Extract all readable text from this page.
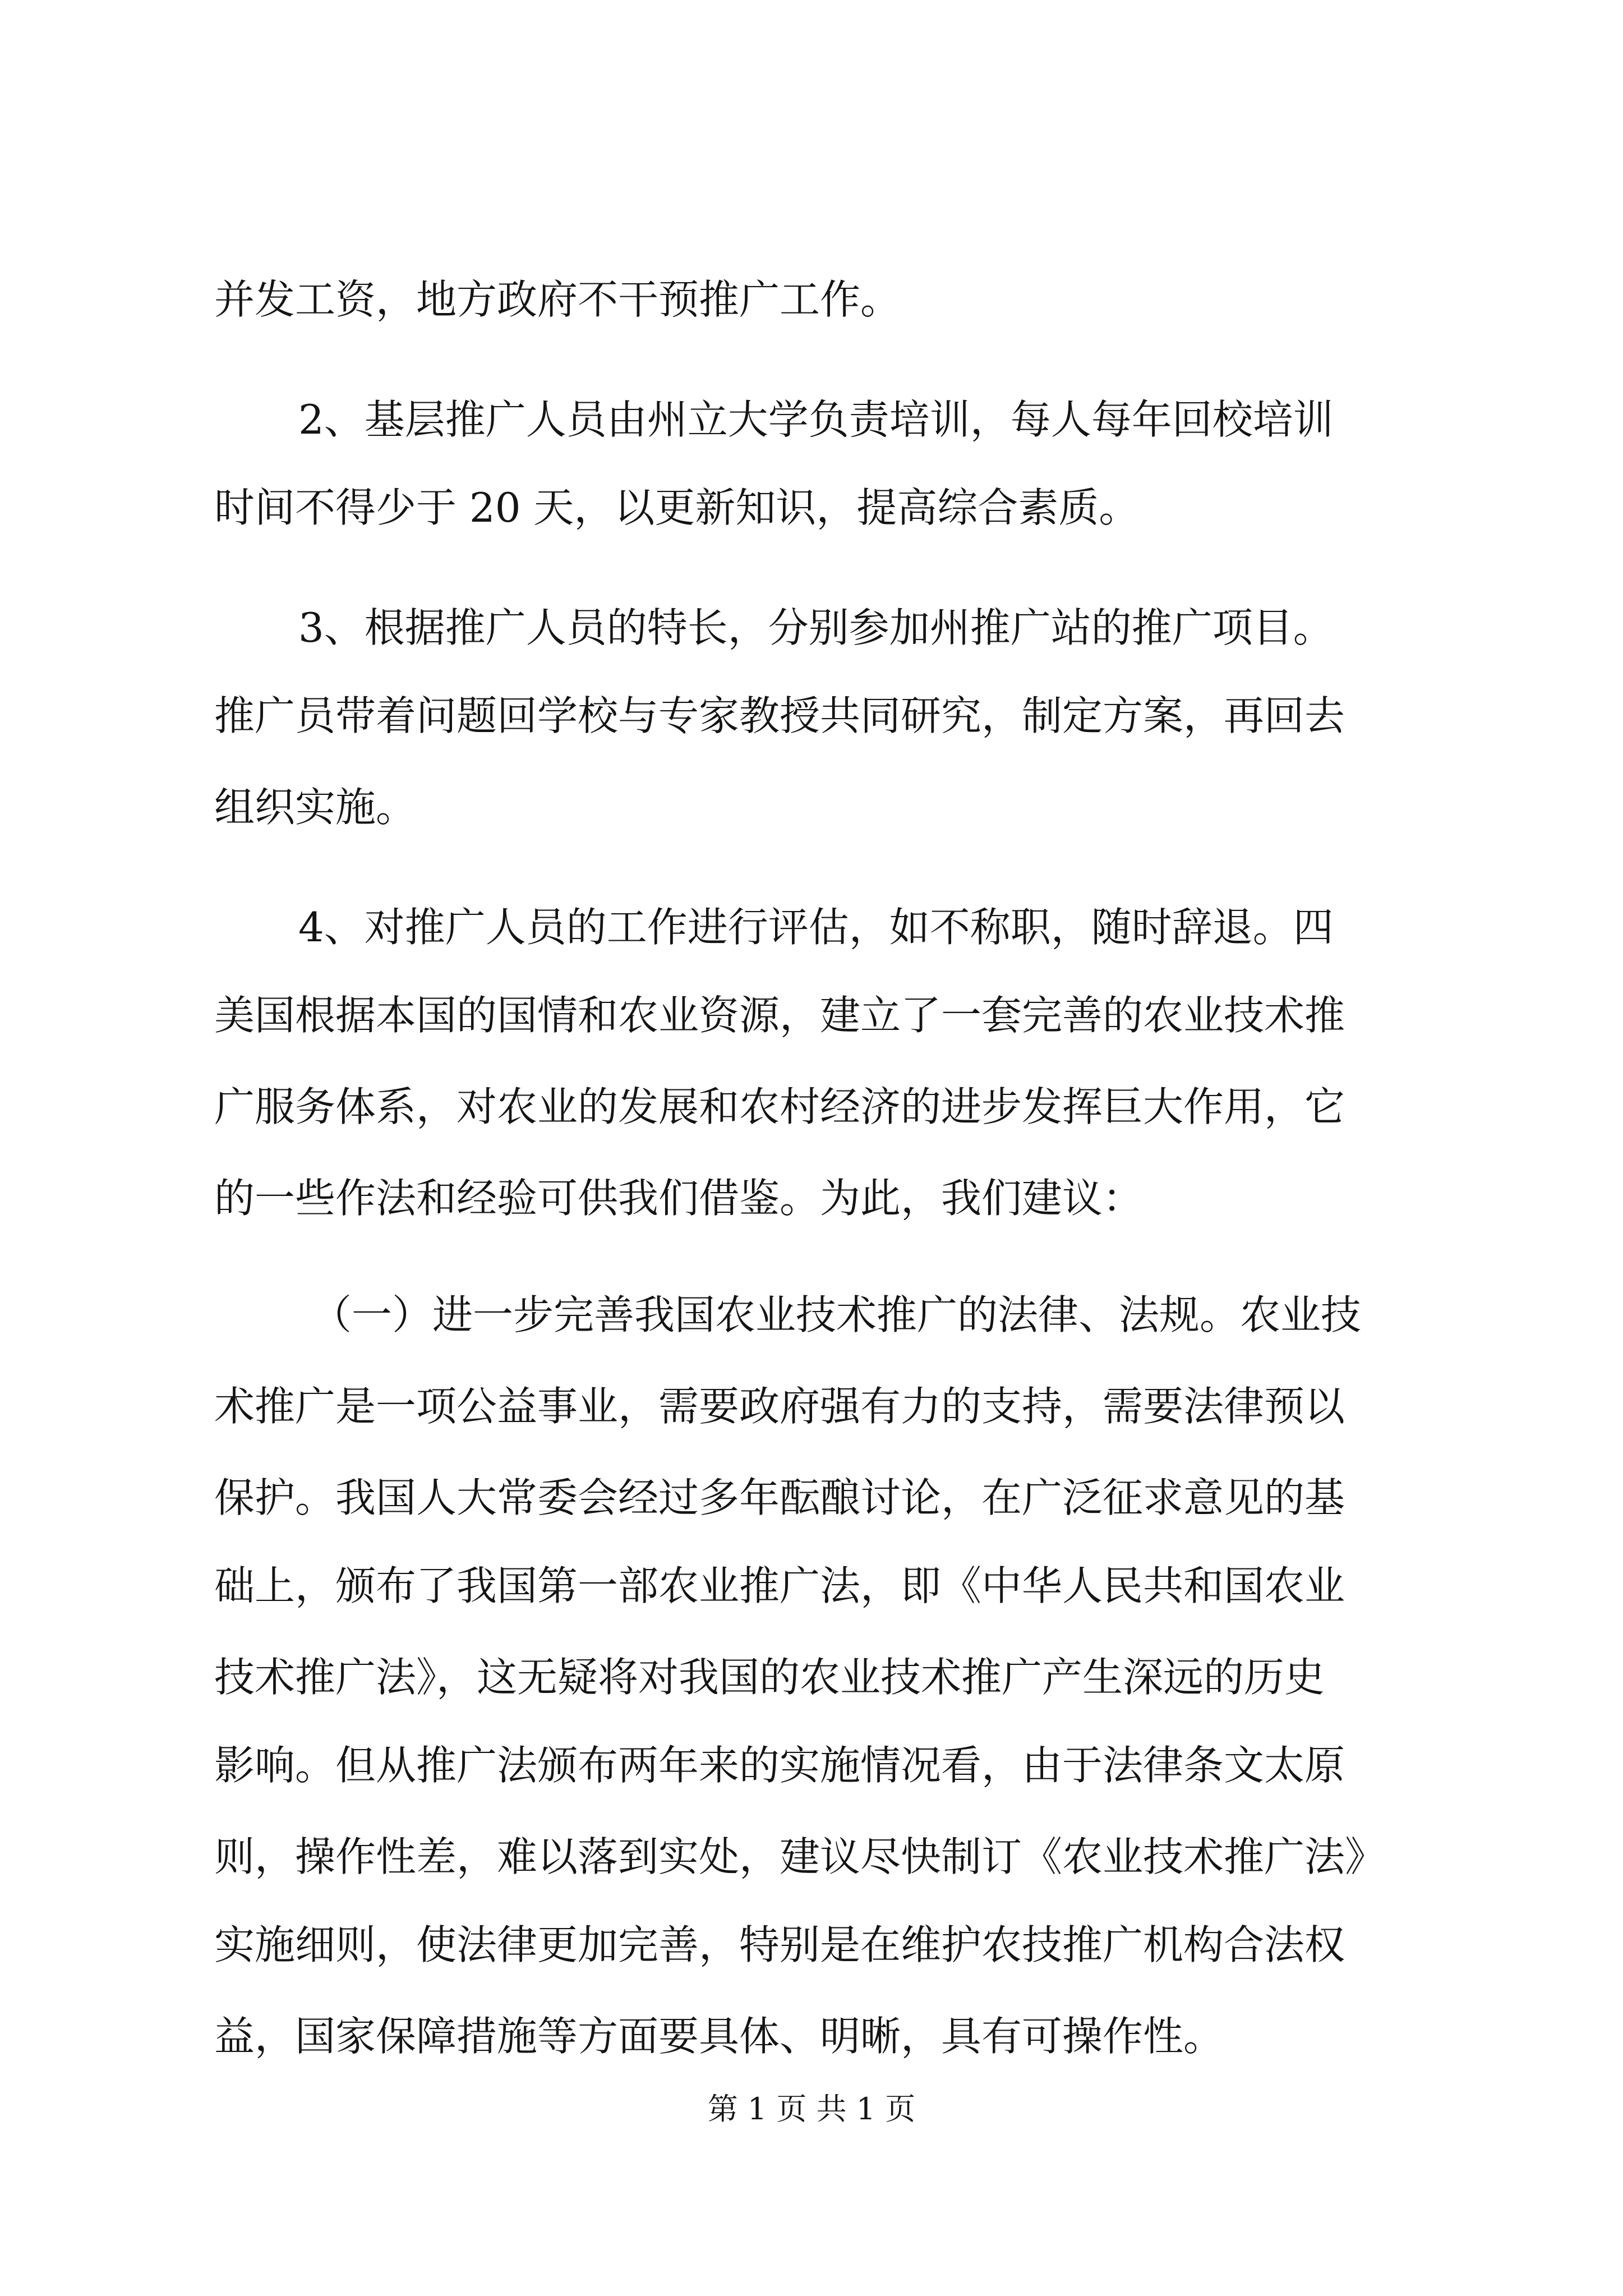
并发工资，地方政府不干预推广工作。
2、基层推广人员由州立大学负责培训，每人每年回校培训
时间不得少于 20 天，以更新知识，提高综合素质。
3、根据推广人员的特长，分别参加州推广站的推广项目。
推广员带着问题回学校与专家教授共同研究，制定方案，再回去
组织实施。
4、对推广人员的工作进行评估，如不称职，随时辞退。四
美国根据本国的国情和农业资源，建立了一套完善的农业技术推
广服务体系，对农业的发展和农村经济的进步发挥巨大作用，它
的一些作法和经验可供我们借鉴。为此，我们建议：
（一）进一步完善我国农业技术推广的法律、法规。农业技
术推广是一项公益事业，需要政府强有力的支持，需要法律预以
保护。我国人大常委会经过多年酝酿讨论，在广泛征求意见的基
础上，颁布了我国第一部农业推广法，即《中华人民共和国农业
技术推广法》，这无疑将对我国的农业技术推广产生深远的历史
影响。但从推广法颁布两年来的实施情况看，由于法律条文太原
则，操作性差，难以落到实处，建议尽快制订《农业技术推广法》
实施细则，使法律更加完善，特别是在维护农技推广机构合法权
益，国家保障措施等方面要具体、明晰，具有可操作性。
第 1 页 共 1 页
